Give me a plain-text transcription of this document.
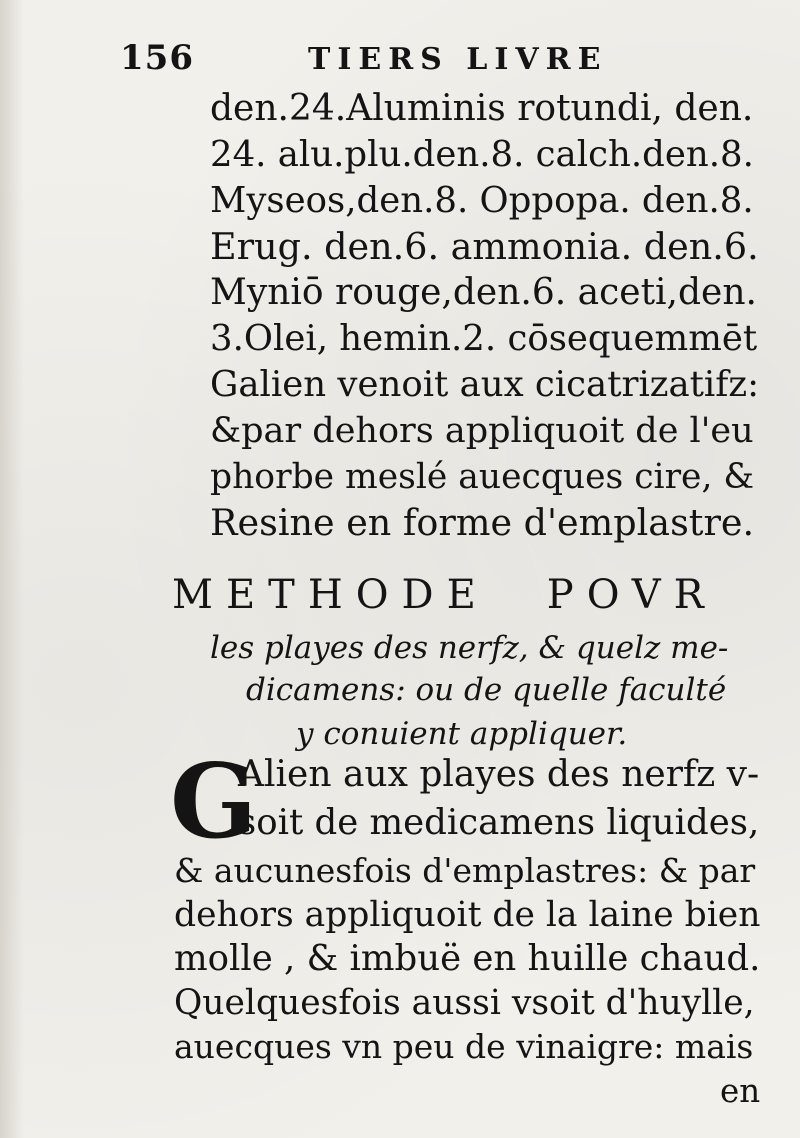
156	TIERS LIVRE
den.24.Aluminis rotundi, den.
24. alu.plu.den.8. calch.den.8.
Myseos,den.8. Oppopa. den.8.
Erug. den.6. ammonia. den.6.
Myniō rouge,den.6. aceti,den.
3.Olei, hemin.2. cōsequemmēt
Galien venoit aux cicatrizatifz:
&par dehors appliquoit de l'eu
phorbe meslé auecques cire, &
Resine en forme d'emplastre.
METHODE POVR
les playes des nerfz, & quelz me-
dicamens: ou de quelle faculté
y conuient appliquer.
G
Alien aux playes des nerfz v-
soit de medicamens liquides,
& aucunesfois d'emplastres: & par
dehors appliquoit de la laine bien
molle , & imbuë en huille chaud.
Quelquesfois aussi vsoit d'huylle,
auecques vn peu de vinaigre: mais
en
